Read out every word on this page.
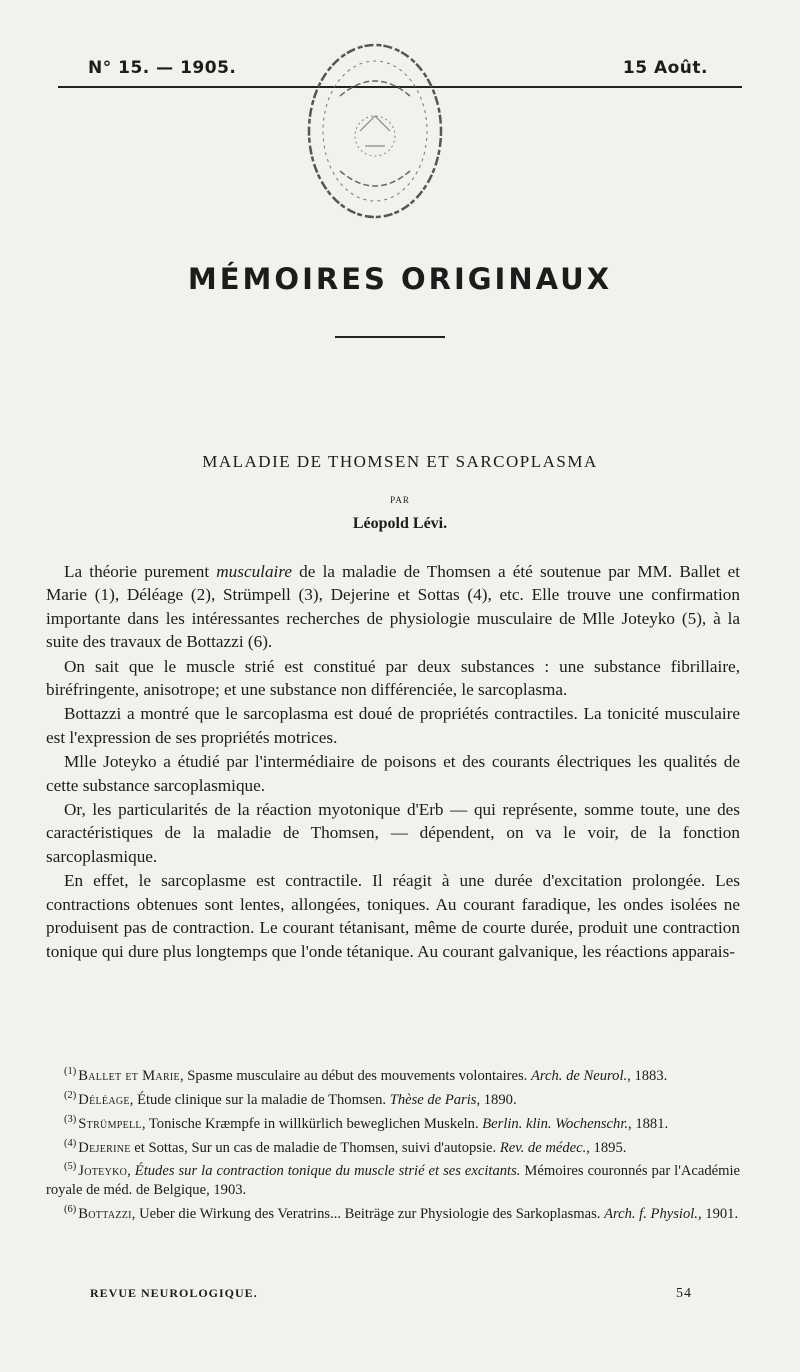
N° 15. — 1905.	15 Août.
MÉMOIRES ORIGINAUX
MALADIE DE THOMSEN ET SARCOPLASMA
PAR
Léopold Lévi.

La théorie purement musculaire de la maladie de Thomsen a été soutenue par MM. Ballet et Marie (1), Déléage (2), Strümpell (3), Dejerine et Sottas (4), etc. Elle trouve une confirmation importante dans les intéressantes recherches de physiologie musculaire de Mlle Joteyko (5), à la suite des travaux de Bottazzi (6).

On sait que le muscle strié est constitué par deux substances : une substance fibrillaire, biréfringente, anisotrope; et une substance non différenciée, le sarcoplasma.

Bottazzi a montré que le sarcoplasma est doué de propriétés contractiles. La tonicité musculaire est l'expression de ses propriétés motrices.

Mlle Joteyko a étudié par l'intermédiaire de poisons et des courants électriques les qualités de cette substance sarcoplasmique.

Or, les particularités de la réaction myotonique d'Erb — qui représente, somme toute, une des caractéristiques de la maladie de Thomsen, — dépendent, on va le voir, de la fonction sarcoplasmique.

En effet, le sarcoplasme est contractile. Il réagit à une durée d'excitation prolongée. Les contractions obtenues sont lentes, allongées, toniques. Au courant faradique, les ondes isolées ne produisent pas de contraction. Le courant tétanisant, même de courte durée, produit une contraction tonique qui dure plus longtemps que l'onde tétanique. Au courant galvanique, les réactions apparais-

$^{(1)}$ Ballet et Marie, Spasme musculaire au début des mouvements volontaires. Arch. de Neurol., 1883.

$^{(2)}$ Déléage, Étude clinique sur la maladie de Thomsen. Thèse de Paris, 1890.

$^{(3)}$ Strümpell, Tonische Kræmpfe in willkürlich beweglichen Muskeln. Berlin. klin. Wochenschr., 1881.

$^{(4)}$ Dejerine et Sottas, Sur un cas de maladie de Thomsen, suivi d'autopsie. Rev. de médec., 1895.

$^{(5)}$ Joteyko, Études sur la contraction tonique du muscle strié et ses excitants. Mémoires couronnés par l'Académie royale de méd. de Belgique, 1903.

$^{(6)}$ Bottazzi, Ueber die Wirkung des Veratrins... Beiträge zur Physiologie des Sarkoplasmas. Arch. f. Physiol., 1901.

REVUE NEUROLOGIQUE.	54
